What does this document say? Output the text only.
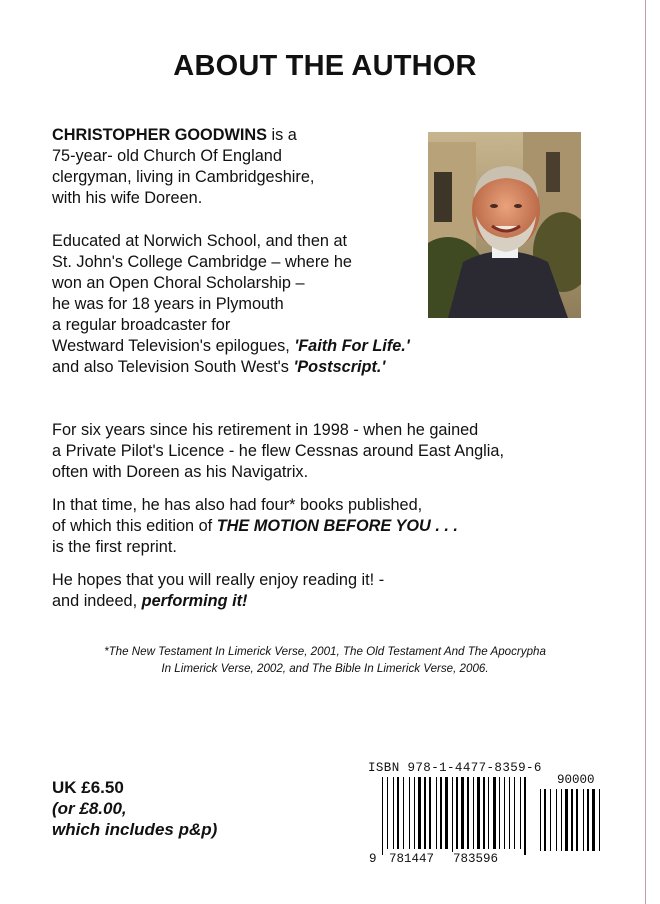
ABOUT THE AUTHOR
CHRISTOPHER GOODWINS is a
75-year- old Church Of England
clergyman, living in Cambridgeshire,
with his wife Doreen.
Educated at Norwich School, and then at
St. John's College Cambridge – where he
won an Open Choral Scholarship –
he was for 18 years in Plymouth
a regular broadcaster for
Westward Television's epilogues, 'Faith For Life.'
and also Television South West's 'Postscript.'
For six years since his retirement in 1998 - when he gained
a Private Pilot's Licence - he flew Cessnas around East Anglia,
often with Doreen as his Navigatrix.
In that time, he has also had four* books published,
of which this edition of THE MOTION BEFORE YOU . . .
is the first reprint.
He hopes that you will really enjoy reading it! -
and indeed, performing it!
*The New Testament In Limerick Verse, 2001, The Old Testament And The Apocrypha
In Limerick Verse, 2002, and The Bible In Limerick Verse, 2006.
UK £6.50
(or £8.00,
which includes p&p)
ISBN 978-1-4477-8359-6
90000
9 781447 783596
